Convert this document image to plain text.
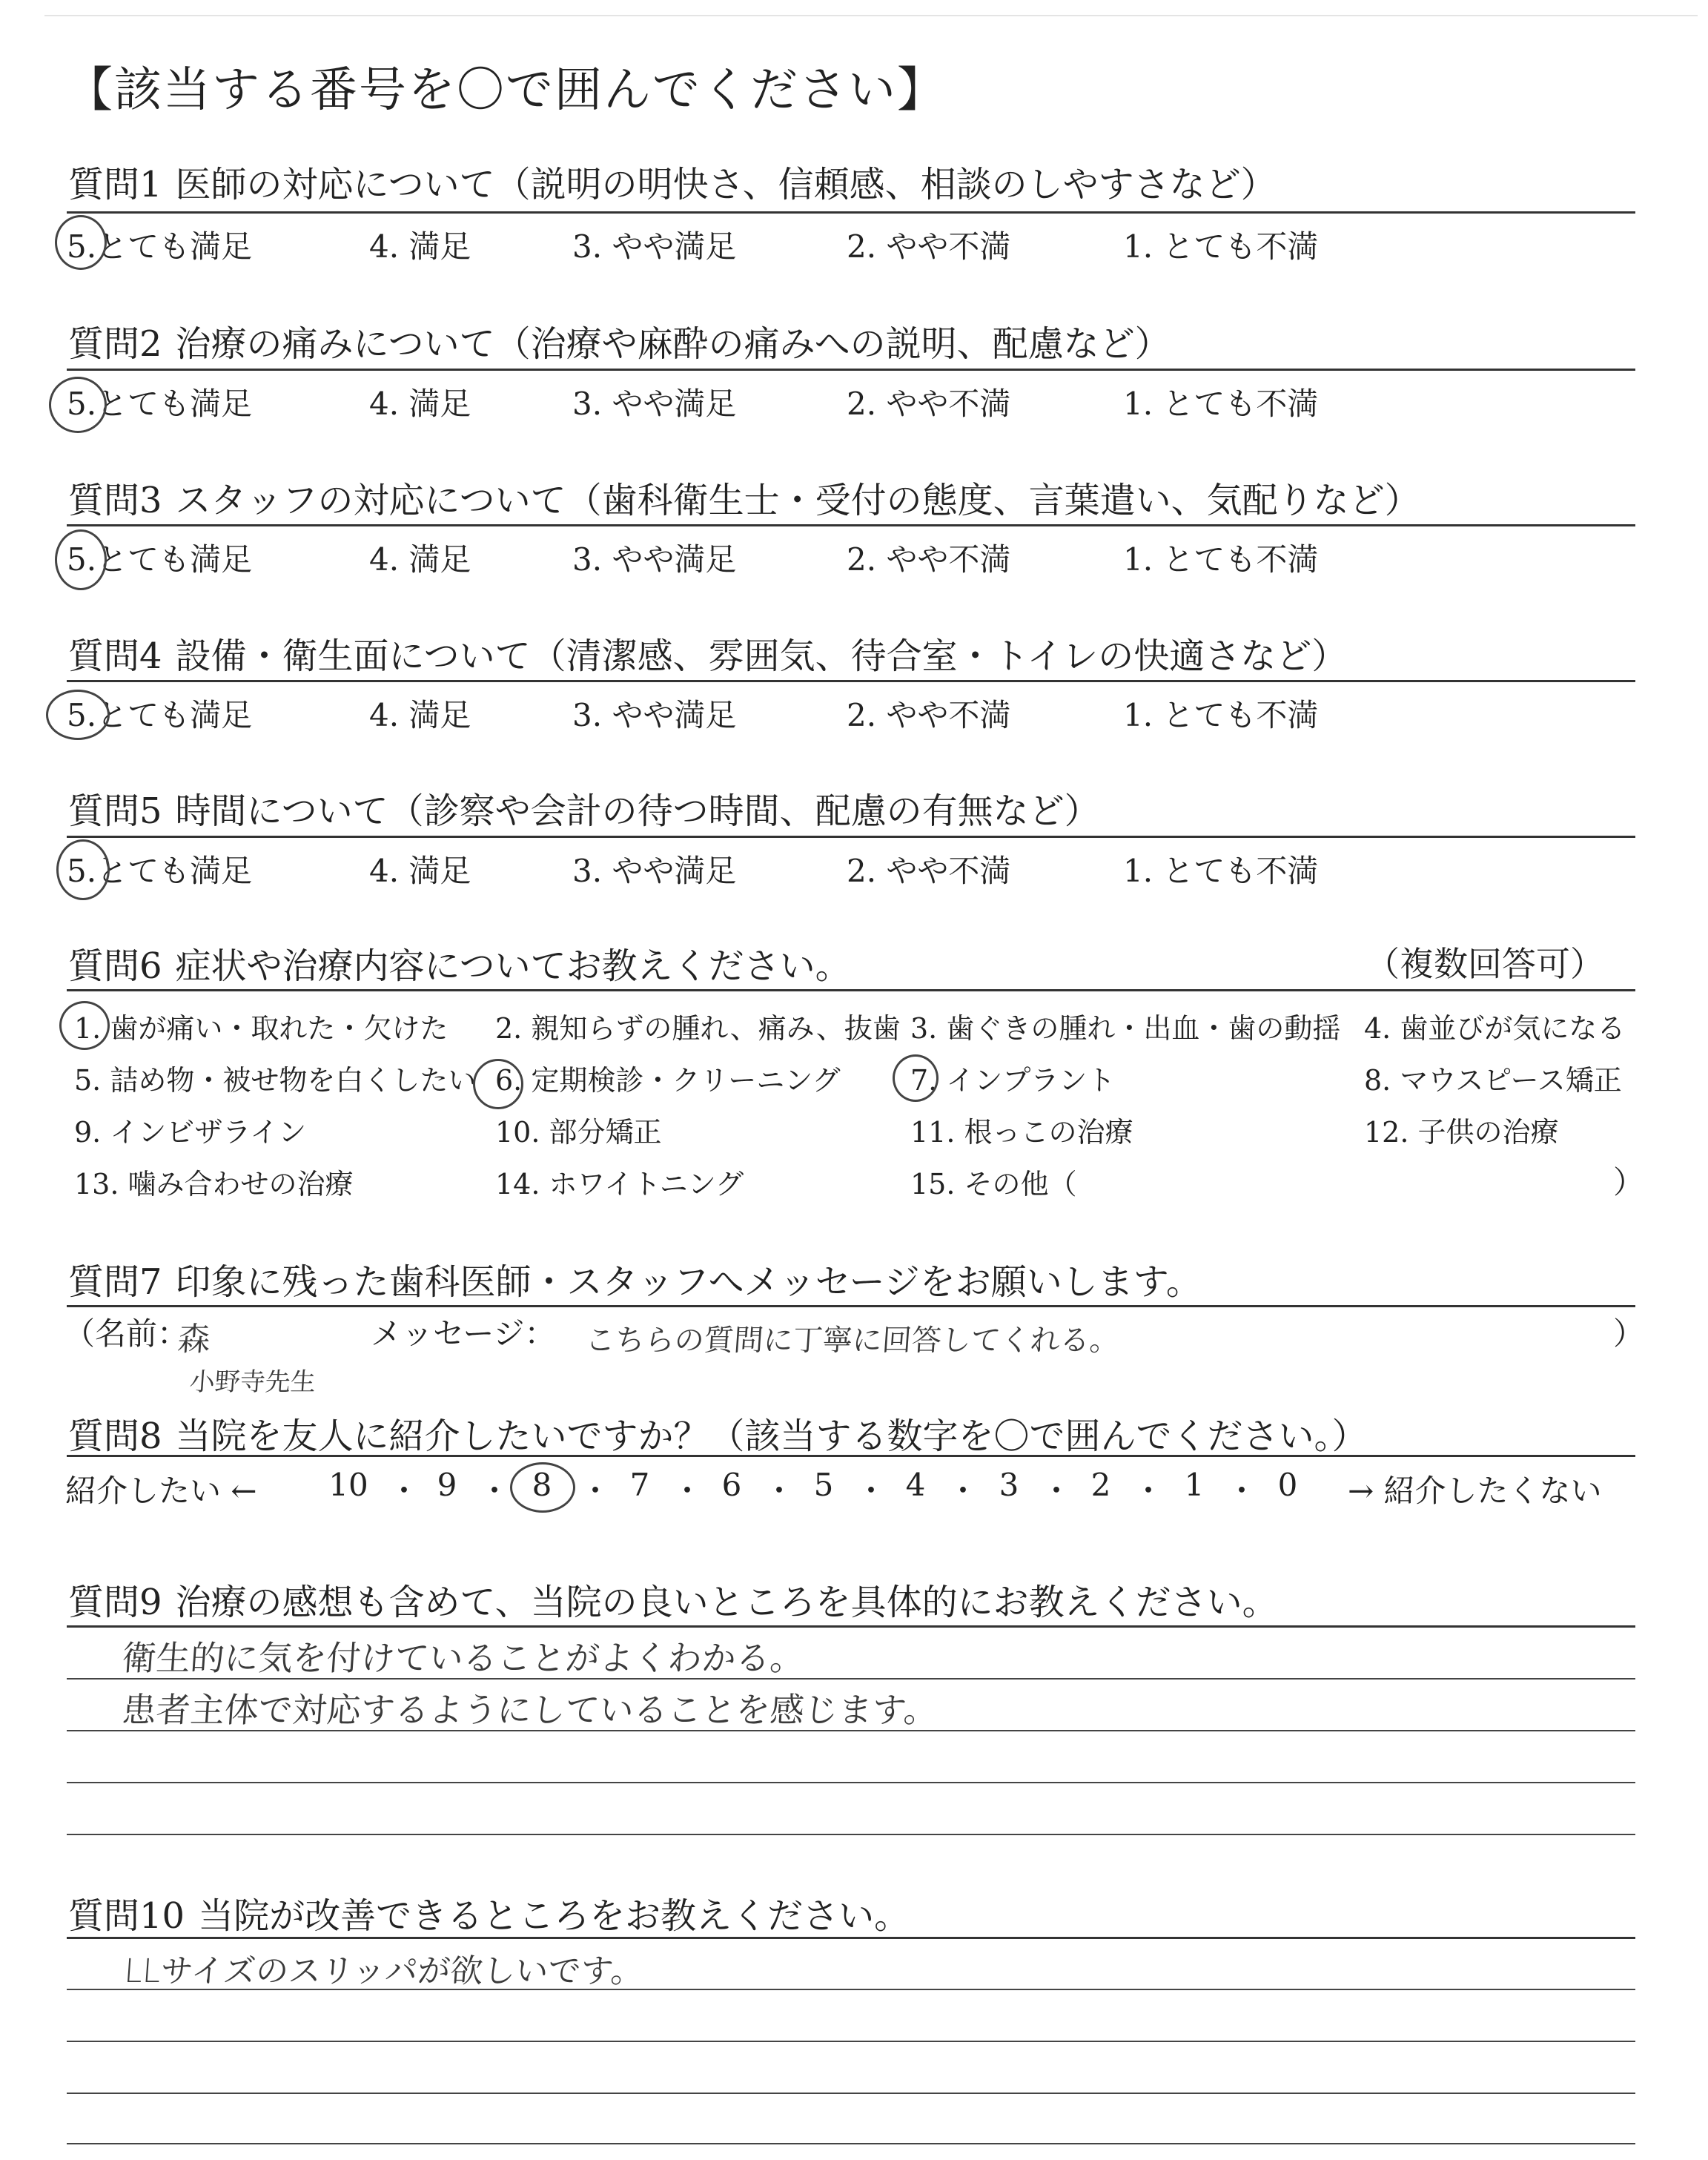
【該当する番号を〇で囲んでください】
質問1 医師の対応について（説明の明快さ、信頼感、相談のしやすさなど）
5.とても満足	4. 満足	3. やや満足	2. やや不満	1. とても不満
質問2 治療の痛みについて（治療や麻酔の痛みへの説明、配慮など）
5.とても満足	4. 満足	3. やや満足	2. やや不満	1. とても不満
質問3 スタッフの対応について（歯科衛生士・受付の態度、言葉遣い、気配りなど）
5.とても満足	4. 満足	3. やや満足	2. やや不満	1. とても不満
質問4 設備・衛生面について（清潔感、雰囲気、待合室・トイレの快適さなど）
5.とても満足	4. 満足	3. やや満足	2. やや不満	1. とても不満
質問5 時間について（診察や会計の待つ時間、配慮の有無など）
5.とても満足	4. 満足	3. やや満足	2. やや不満	1. とても不満
質問6 症状や治療内容についてお教えください。	（複数回答可）
1. 歯が痛い・取れた・欠けた 2. 親知らずの腫れ、痛み、抜歯 3. 歯ぐきの腫れ・出血・歯の動揺 4. 歯並びが気になる
5. 詰め物・被せ物を白くしたい 6. 定期検診・クリーニング 7. インプラント	8. マウスピース矯正
9. インビザライン	10. 部分矯正	11. 根っこの治療	12. 子供の治療
13. 噛み合わせの治療	14. ホワイトニング	15. その他（	）
質問7 印象に残った歯科医師・スタッフへメッセージをお願いします。
（名前：
森
小野寺先生
メッセージ： こちらの質問に丁寧に回答してくれる。	）
質問8 当院を友人に紹介したいですか？（該当する数字を〇で囲んでください。）
紹介したい ← 10 ・ 9 ・ 8 ・ 7 ・ 6 ・ 5 ・ 4 ・ 3 ・ 2 ・ 1 ・ 0 → 紹介したくない
質問9 治療の感想も含めて、当院の良いところを具体的にお教えください。
衛生的に気を付けていることがよくわかる。
患者主体で対応するようにしていることを感じます。
質問10 当院が改善できるところをお教えください。
LLサイズのスリッパが欲しいです。
